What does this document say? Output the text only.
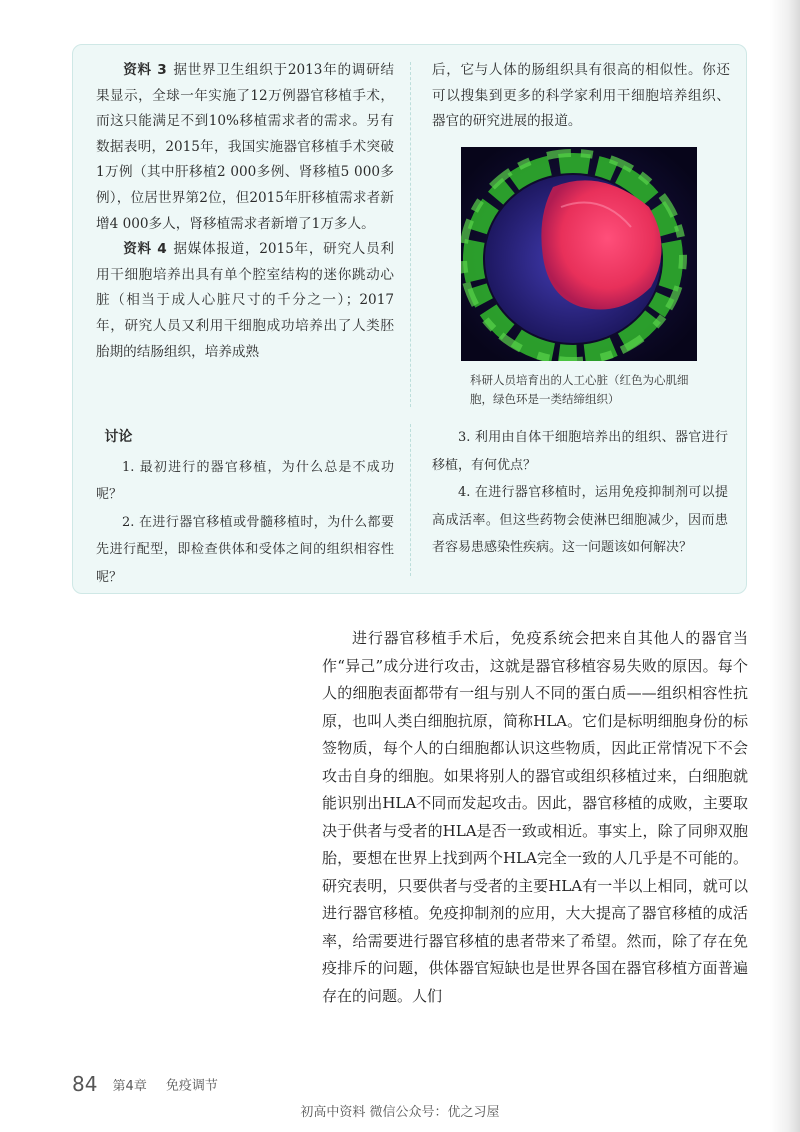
资料 3 据世界卫生组织于2013年的调研结果显示，全球一年实施了12万例器官移植手术，而这只能满足不到10%移植需求者的需求。另有数据表明，2015年，我国实施器官移植手术突破1万例（其中肝移植2 000多例、肾移植5 000多例），位居世界第2位，但2015年肝移植需求者新增4 000多人，肾移植需求者新增了1万多人。

资料 4 据媒体报道，2015年，研究人员利用干细胞培养出具有单个腔室结构的迷你跳动心脏（相当于成人心脏尺寸的千分之一）；2017年，研究人员又利用干细胞成功培养出了人类胚胎期的结肠组织，培养成熟

后，它与人体的肠组织具有很高的相似性。你还可以搜集到更多的科学家利用干细胞培养组织、器官的研究进展的报道。

科研人员培育出的人工心脏（红色为心肌细胞，绿色环是一类结缔组织）

讨论

1. 最初进行的器官移植，为什么总是不成功呢？

2. 在进行器官移植或骨髓移植时，为什么都要先进行配型，即检查供体和受体之间的组织相容性呢？

3. 利用由自体干细胞培养出的组织、器官进行移植，有何优点？

4. 在进行器官移植时，运用免疫抑制剂可以提高成活率。但这些药物会使淋巴细胞减少，因而患者容易患感染性疾病。这一问题该如何解决？

进行器官移植手术后，免疫系统会把来自其他人的器官当作“异己”成分进行攻击，这就是器官移植容易失败的原因。每个人的细胞表面都带有一组与别人不同的蛋白质——组织相容性抗原，也叫人类白细胞抗原，简称HLA。它们是标明细胞身份的标签物质，每个人的白细胞都认识这些物质，因此正常情况下不会攻击自身的细胞。如果将别人的器官或组织移植过来，白细胞就能识别出HLA不同而发起攻击。因此，器官移植的成败，主要取决于供者与受者的HLA是否一致或相近。事实上，除了同卵双胞胎，要想在世界上找到两个HLA完全一致的人几乎是不可能的。研究表明，只要供者与受者的主要HLA有一半以上相同，就可以进行器官移植。免疫抑制剂的应用，大大提高了器官移植的成活率，给需要进行器官移植的患者带来了希望。然而，除了存在免疫排斥的问题，供体器官短缺也是世界各国在器官移植方面普遍存在的问题。人们

84 第4章 免疫调节
初高中资料 微信公众号：优之习屋
